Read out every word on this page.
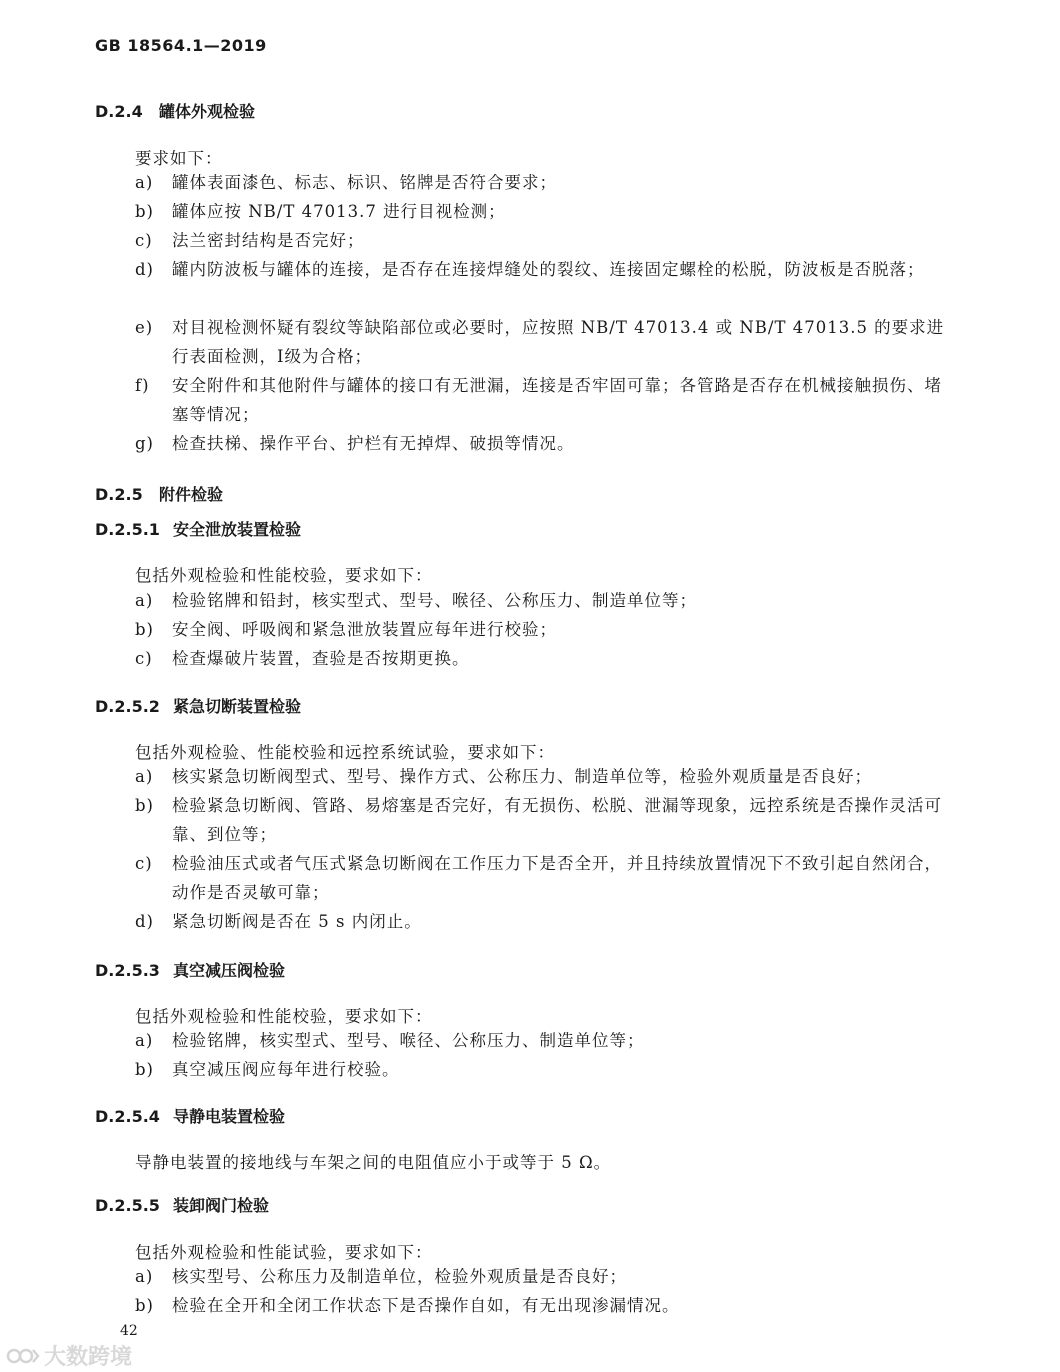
GB 18564.1—2019
D.2.4 罐体外观检验
要求如下：
a) 罐体表面漆色、标志、标识、铭牌是否符合要求；
b) 罐体应按 NB/T 47013.7 进行目视检测；
c) 法兰密封结构是否完好；
d) 罐内防波板与罐体的连接，是否存在连接焊缝处的裂纹、连接固定螺栓的松脱，防波板是否脱落；
e) 对目视检测怀疑有裂纹等缺陷部位或必要时，应按照 NB/T 47013.4 或 NB/T 47013.5 的要求进行表面检测，Ⅰ级为合格；
f) 安全附件和其他附件与罐体的接口有无泄漏，连接是否牢固可靠；各管路是否存在机械接触损伤、堵塞等情况；
g) 检查扶梯、操作平台、护栏有无掉焊、破损等情况。
D.2.5 附件检验
D.2.5.1 安全泄放装置检验
包括外观检验和性能校验，要求如下：
a) 检验铭牌和铅封，核实型式、型号、喉径、公称压力、制造单位等；
b) 安全阀、呼吸阀和紧急泄放装置应每年进行校验；
c) 检查爆破片装置，查验是否按期更换。
D.2.5.2 紧急切断装置检验
包括外观检验、性能校验和远控系统试验，要求如下：
a) 核实紧急切断阀型式、型号、操作方式、公称压力、制造单位等，检验外观质量是否良好；
b) 检验紧急切断阀、管路、易熔塞是否完好，有无损伤、松脱、泄漏等现象，远控系统是否操作灵活可靠、到位等；
c) 检验油压式或者气压式紧急切断阀在工作压力下是否全开，并且持续放置情况下不致引起自然闭合，动作是否灵敏可靠；
d) 紧急切断阀是否在 5 s 内闭止。
D.2.5.3 真空减压阀检验
包括外观检验和性能校验，要求如下：
a) 检验铭牌，核实型式、型号、喉径、公称压力、制造单位等；
b) 真空减压阀应每年进行校验。
D.2.5.4 导静电装置检验
导静电装置的接地线与车架之间的电阻值应小于或等于 5 Ω。
D.2.5.5 装卸阀门检验
包括外观检验和性能试验，要求如下：
a) 核实型号、公称压力及制造单位，检验外观质量是否良好；
b) 检验在全开和全闭工作状态下是否操作自如，有无出现渗漏情况。
42
大数跨境
